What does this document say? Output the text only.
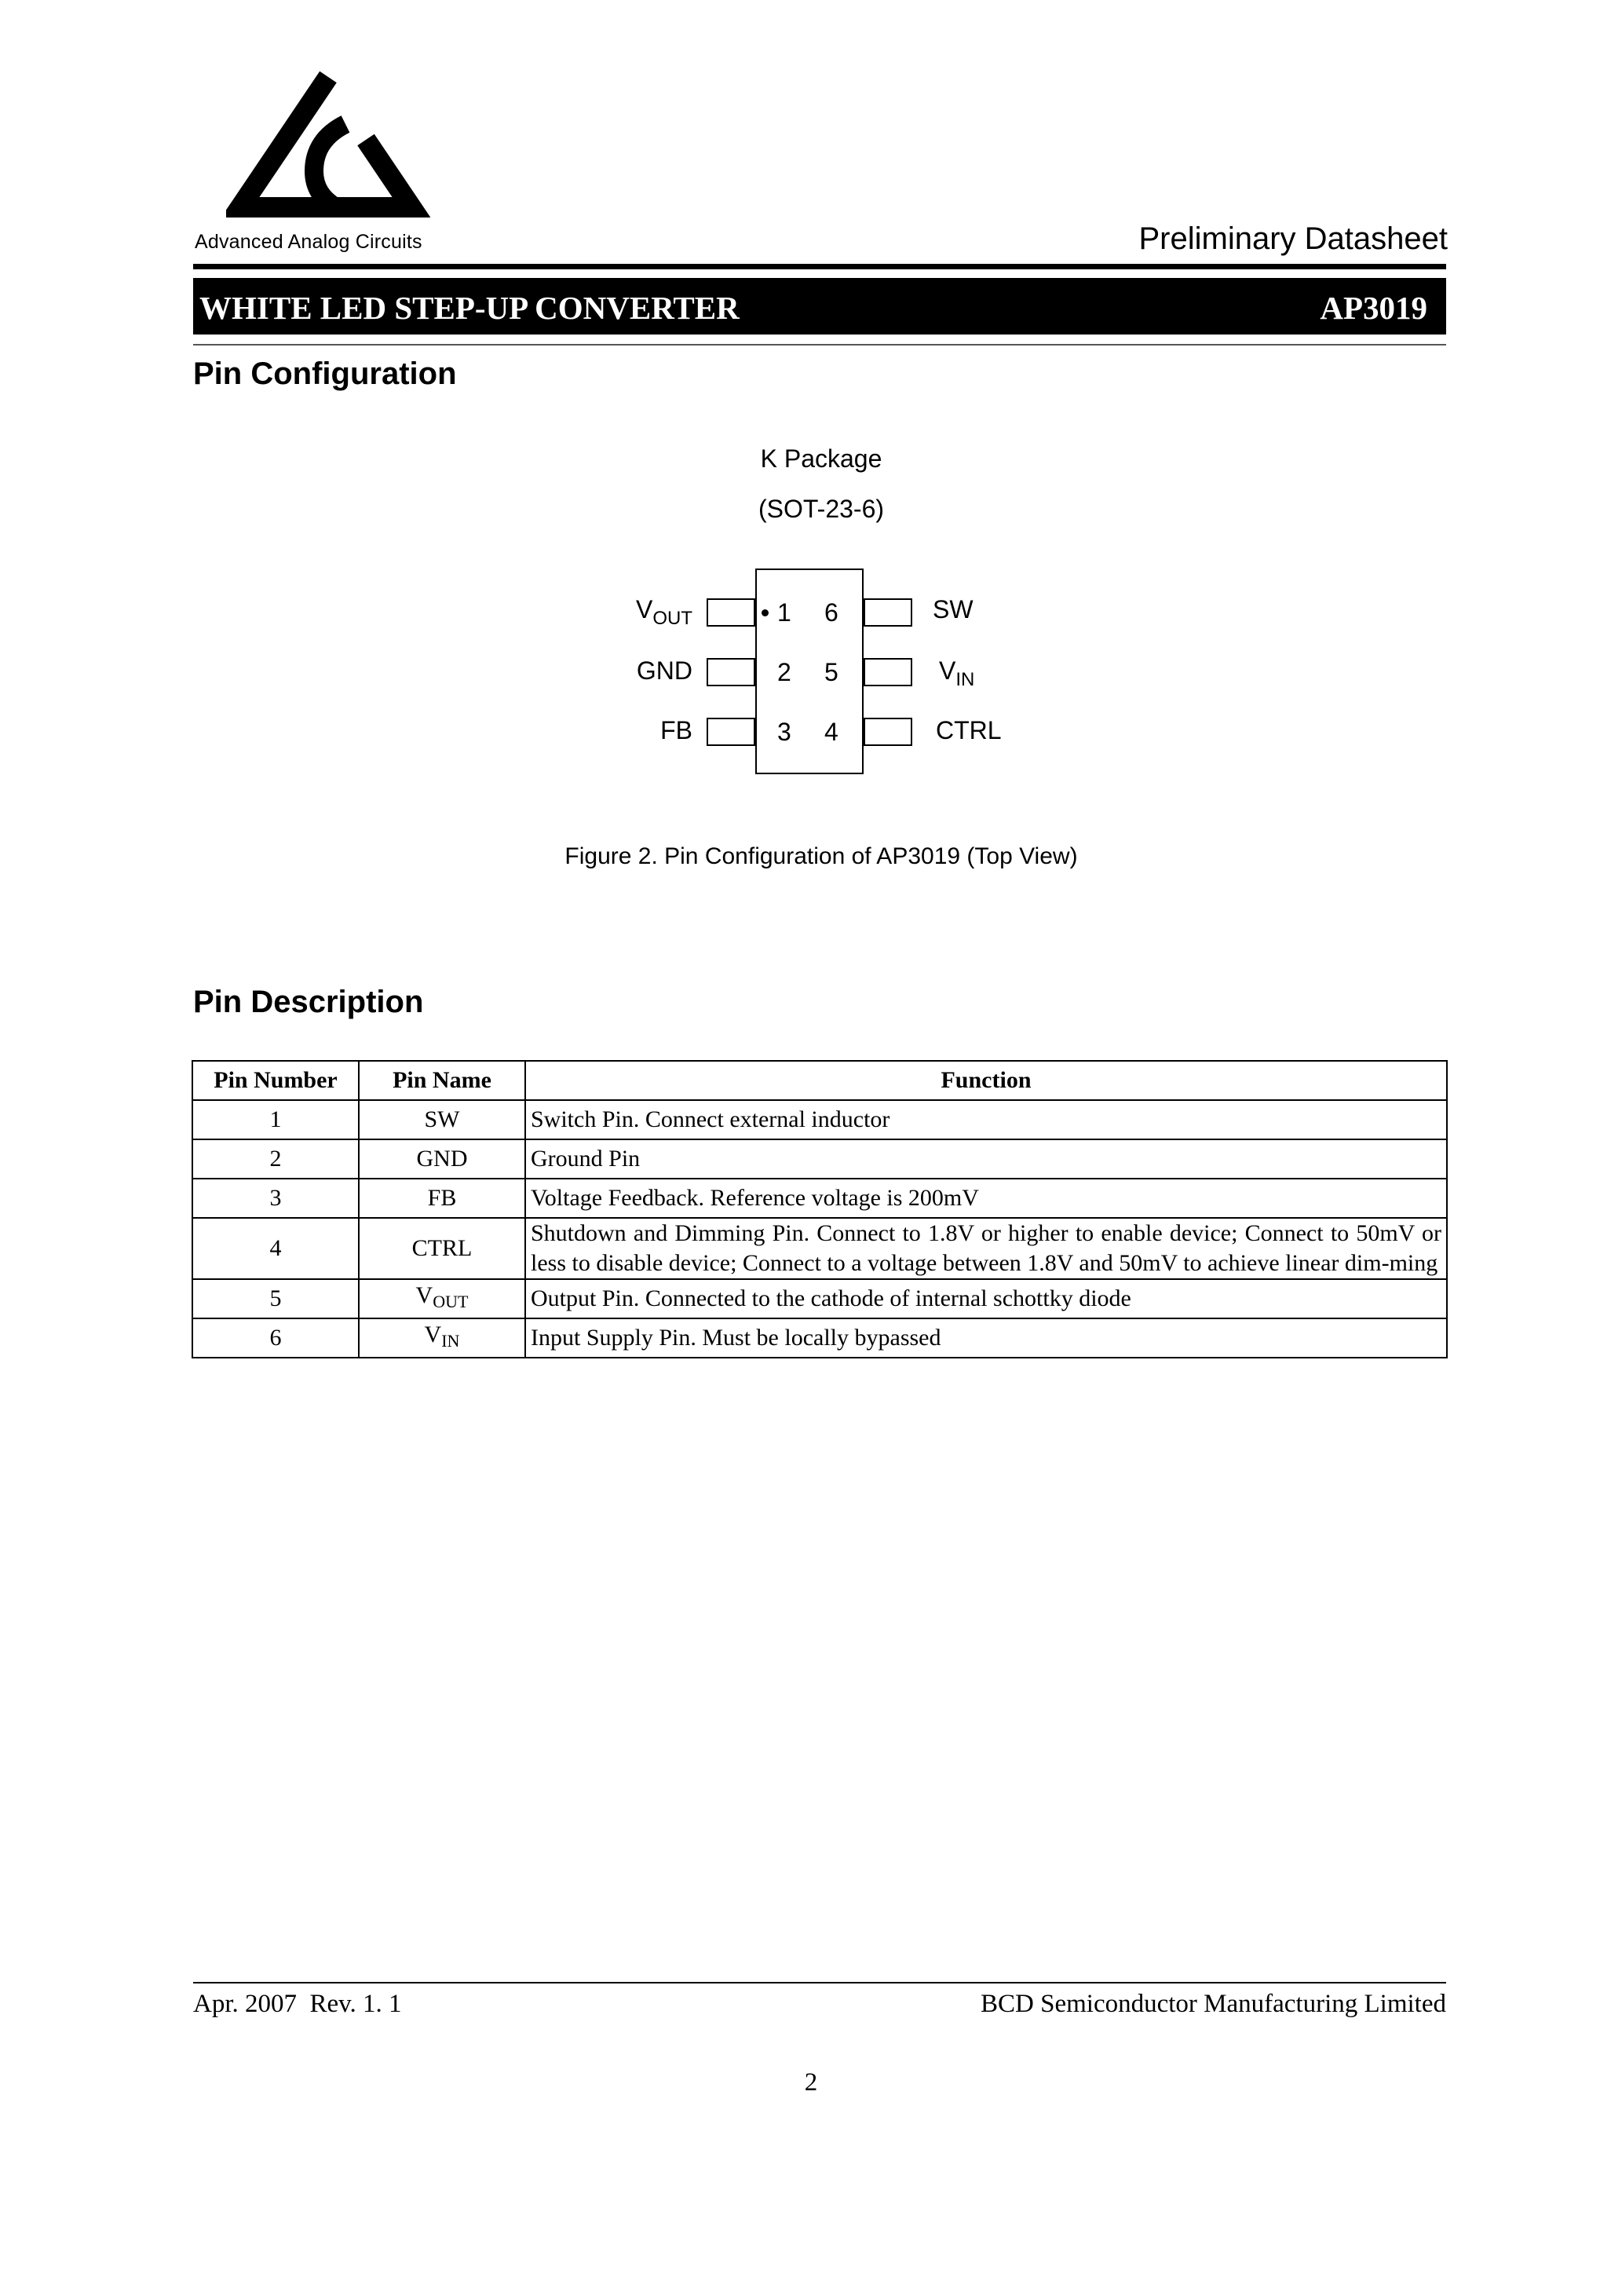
Advanced Analog Circuits	Preliminary Datasheet
WHITE LED STEP-UP CONVERTER	AP3019
Pin Configuration
K Package
(SOT-23-6)
1
2
3
6
5
4
$V_{OUT}$
GND
FB
SW
$V_{IN}$
CTRL
Figure 2. Pin Configuration of AP3019 (Top View)
Pin Description
Pin Number	Pin Name	Function
1	SW	Switch Pin. Connect external inductor
2	GND	Ground Pin
3	FB	Voltage Feedback. Reference voltage is 200mV
4	CTRL	Shutdown and Dimming Pin. Connect to 1.8V or higher to enable device; Connect to 50mV or less to disable device; Connect to a voltage between 1.8V and 50mV to achieve linear dim-ming
5	$V_{OUT}$	Output Pin. Connected to the cathode of internal schottky diode
6	$V_{IN}$	Input Supply Pin. Must be locally bypassed
Apr. 2007  Rev. 1. 1	BCD Semiconductor Manufacturing Limited
2
